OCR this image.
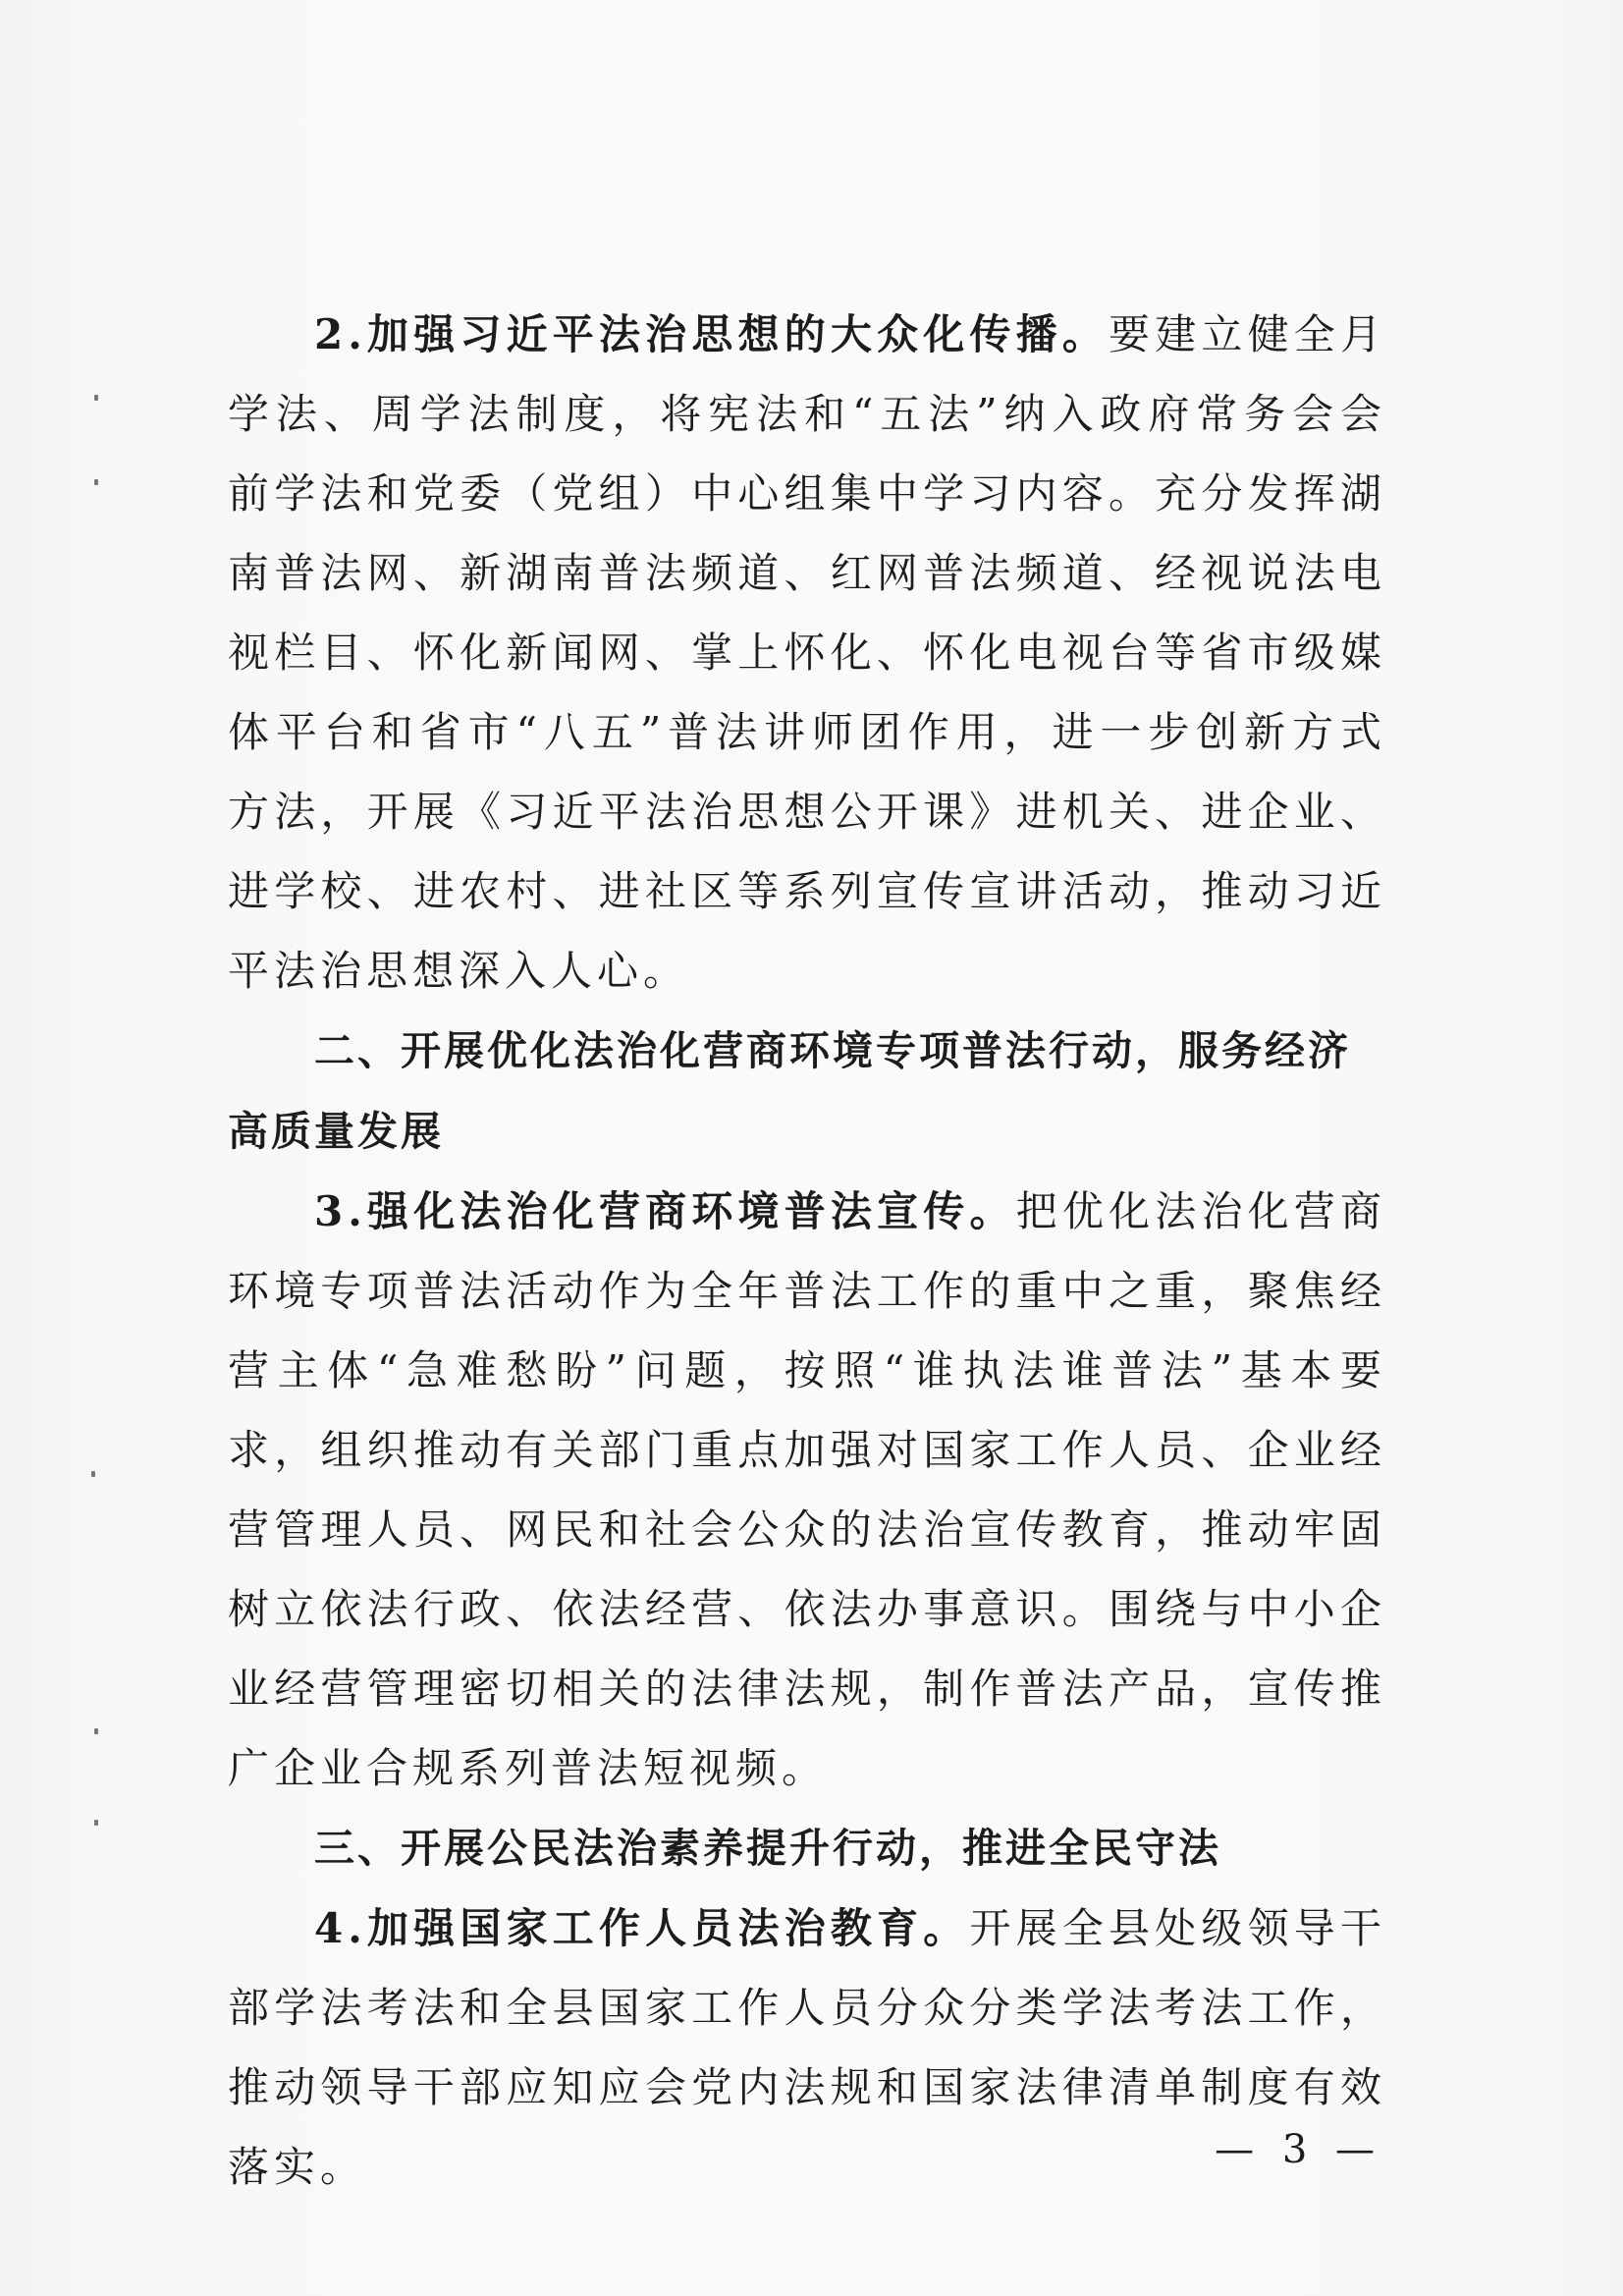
2.加强习近平法治思想的大众化传播。要建立健全月学法、周学法制度，将宪法和“五法”纳入政府常务会会前学法和党委（党组）中心组集中学习内容。充分发挥湖南普法网、新湖南普法频道、红网普法频道、经视说法电视栏目、怀化新闻网、掌上怀化、怀化电视台等省市级媒体平台和省市“八五”普法讲师团作用，进一步创新方式方法，开展《习近平法治思想公开课》进机关、进企业、进学校、进农村、进社区等系列宣传宣讲活动，推动习近平法治思想深入人心。

二、开展优化法治化营商环境专项普法行动，服务经济高质量发展

3.强化法治化营商环境普法宣传。把优化法治化营商环境专项普法活动作为全年普法工作的重中之重，聚焦经营主体“急难愁盼”问题，按照“谁执法谁普法”基本要求，组织推动有关部门重点加强对国家工作人员、企业经营管理人员、网民和社会公众的法治宣传教育，推动牢固树立依法行政、依法经营、依法办事意识。围绕与中小企业经营管理密切相关的法律法规，制作普法产品，宣传推广企业合规系列普法短视频。

三、开展公民法治素养提升行动，推进全民守法

4.加强国家工作人员法治教育。开展全县处级领导干部学法考法和全县国家工作人员分众分类学法考法工作，推动领导干部应知应会党内法规和国家法律清单制度有效落实。	— 3 —
